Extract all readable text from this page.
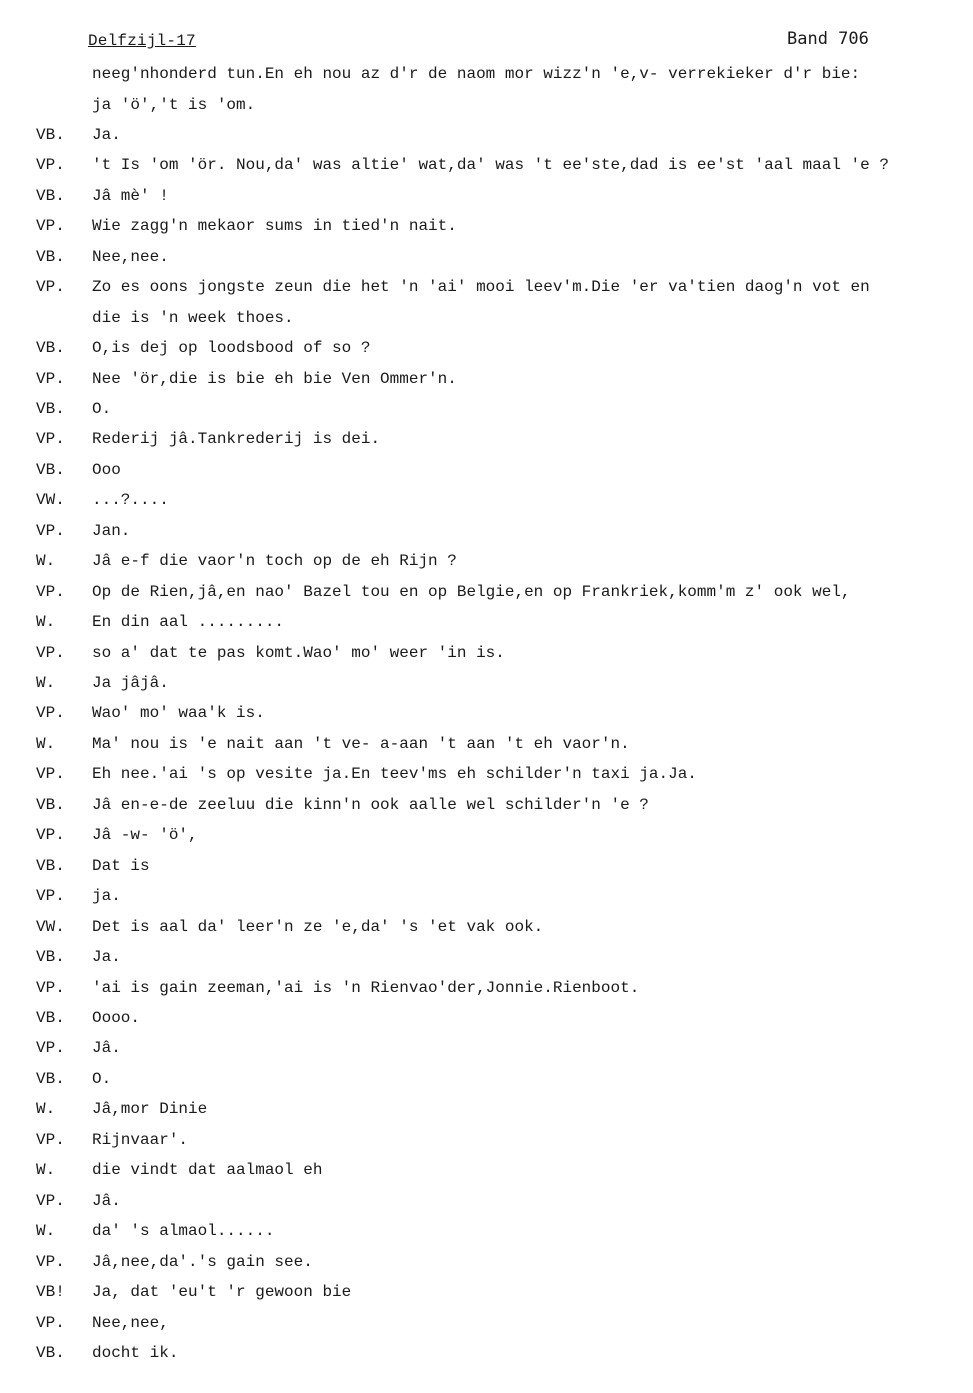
Delfzijl-17	Band 706
neeg'nhonderd tun.En eh nou az d'r de naom mor wizz'n 'e,v- verrekieker d'r bie:
ja 'ö','t is 'om.
VB. Ja.
VP. 't Is 'om 'ör. Nou,da' was altie' wat,da' was 't ee'ste,dad is ee'st 'aal maal 'e ?
VB. Jâ mè' !
VP. Wie zagg'n mekaor sums in tied'n nait.
VB. Nee,nee.
VP. Zo es oons jongste zeun die het 'n 'ai' mooi leev'm.Die 'er va'tien daog'n vot en
die is 'n week thoes.
VB. O,is dej op loodsbood of so ?
VP. Nee 'ör,die is bie eh bie Ven Ommer'n.
VB. O.
VP. Rederij jâ.Tankrederij is dei.
VB. Ooo
VW. ...?....
VP. Jan.
W. Jâ e-f die vaor'n toch op de eh Rijn ?
VP. Op de Rien,jâ,en nao' Bazel tou en op Belgie,en op Frankriek,komm'm z' ook wel,
W. En din aal .........
VP. so a' dat te pas komt.Wao' mo' weer 'in is.
W. Ja jâjâ.
VP. Wao' mo' waa'k is.
W. Ma' nou is 'e nait aan 't ve- a-aan 't aan 't eh vaor'n.
VP. Eh nee.'ai 's op vesite ja.En teev'ms eh schilder'n taxi ja.Ja.
VB. Jâ en-e-de zeeluu die kinn'n ook aalle wel schilder'n 'e ?
VP. Jâ -w- 'ö',
VB. Dat is
VP. ja.
VW. Det is aal da' leer'n ze 'e,da' 's 'et vak ook.
VB. Ja.
VP. 'ai is gain zeeman,'ai is 'n Rienvao'der,Jonnie.Rienboot.
VB. Oooo.
VP. Jâ.
VB. O.
W. Jâ,mor Dinie
VP. Rijnvaar'.
W. die vindt dat aalmaol eh
VP. Jâ.
W. da' 's almaol......
VP. Jâ,nee,da'.'s gain see.
VB! Ja, dat 'eu't 'r gewoon bie
VP. Nee,nee,
VB. docht ik.
